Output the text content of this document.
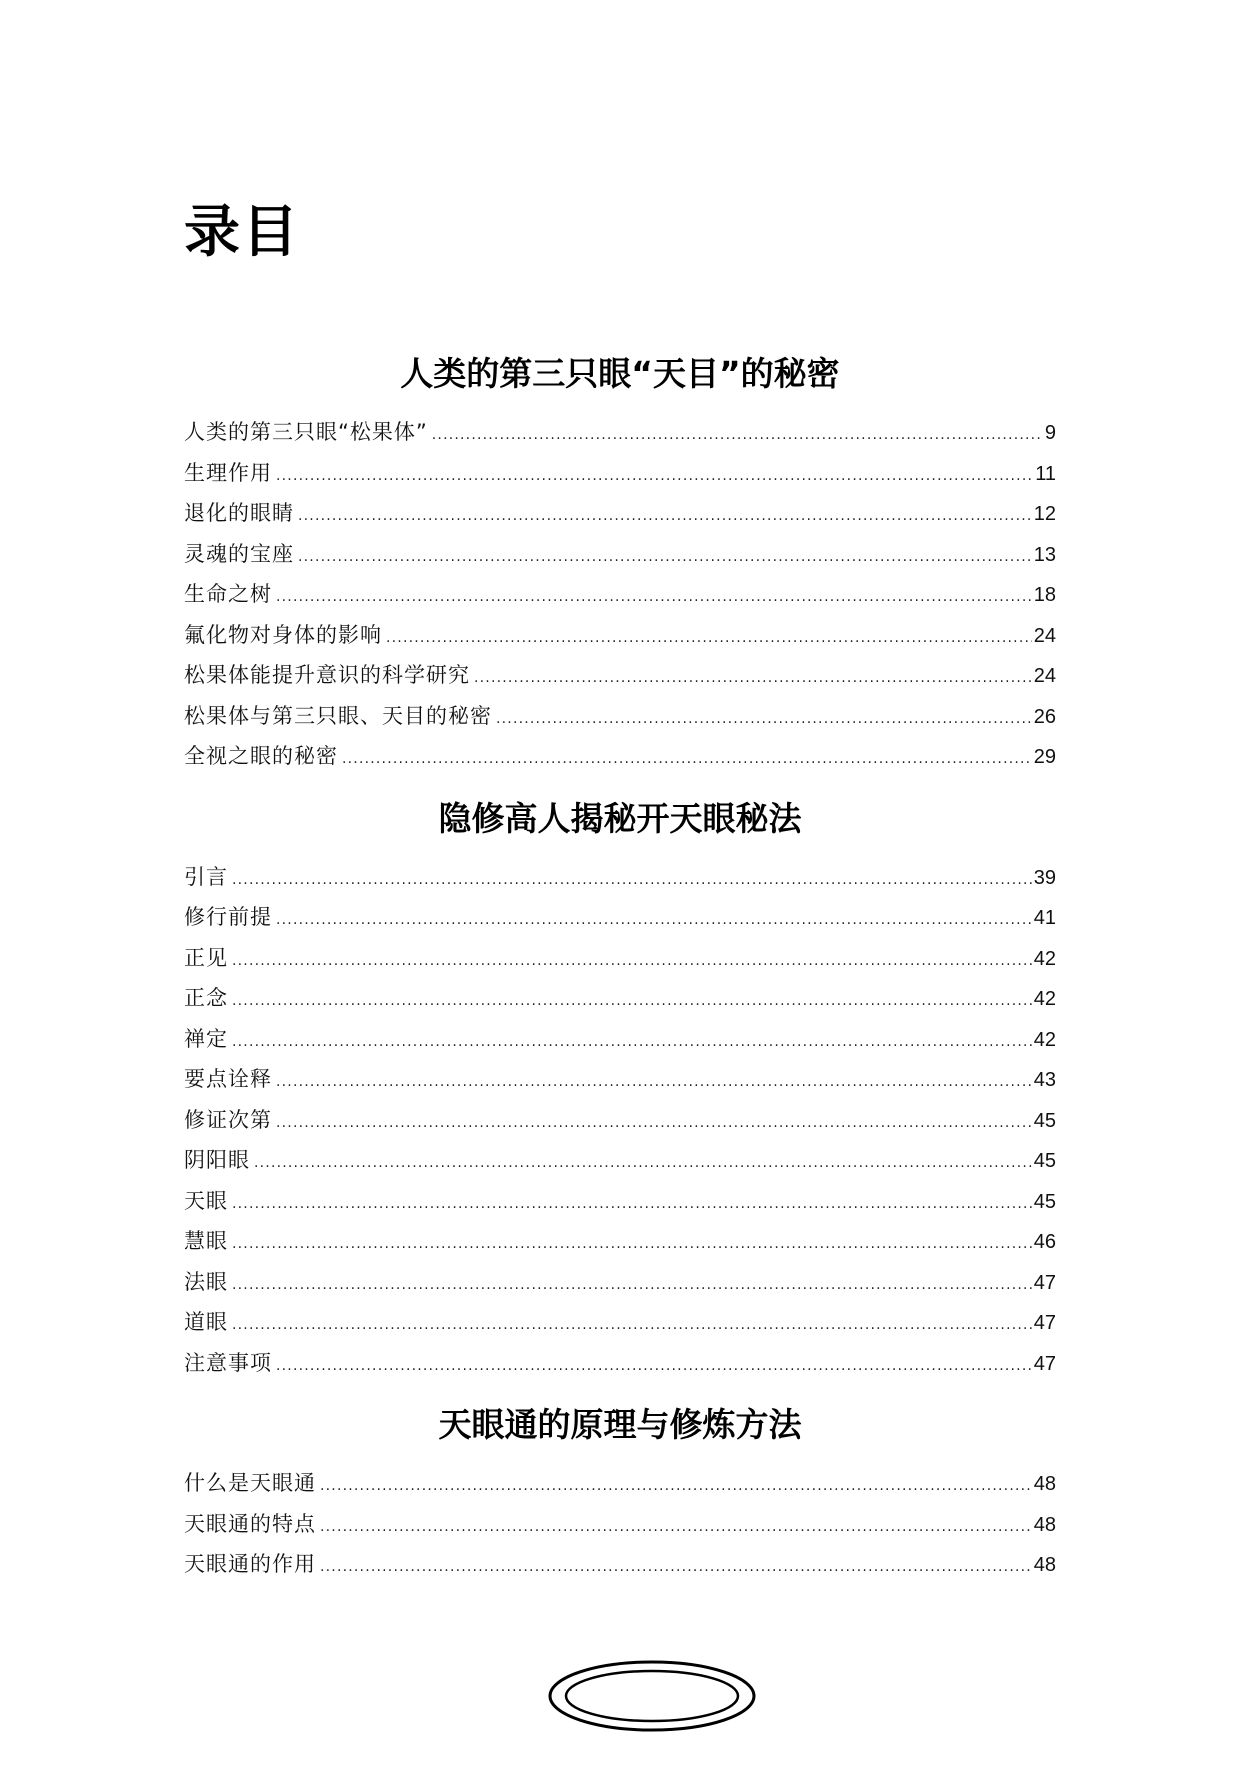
录目
人类的第三只眼“天目”的秘密
人类的第三只眼“松果体” .....	9
生理作用 .....	11
退化的眼睛 .....	12
灵魂的宝座 .....	13
生命之树 .....	18
氟化物对身体的影响 .....	24
松果体能提升意识的科学研究 .....	24
松果体与第三只眼、天目的秘密 .....	26
全视之眼的秘密 .....	29
隐修高人揭秘开天眼秘法
引言 .....	39
修行前提 .....	41
正见 .....	42
正念 .....	42
禅定 .....	42
要点诠释 .....	43
修证次第 .....	45
阴阳眼 .....	45
天眼 .....	45
慧眼 .....	46
法眼 .....	47
道眼 .....	47
注意事项 .....	47
天眼通的原理与修炼方法
什么是天眼通 .....	48
天眼通的特点 .....	48
天眼通的作用 .....	48
